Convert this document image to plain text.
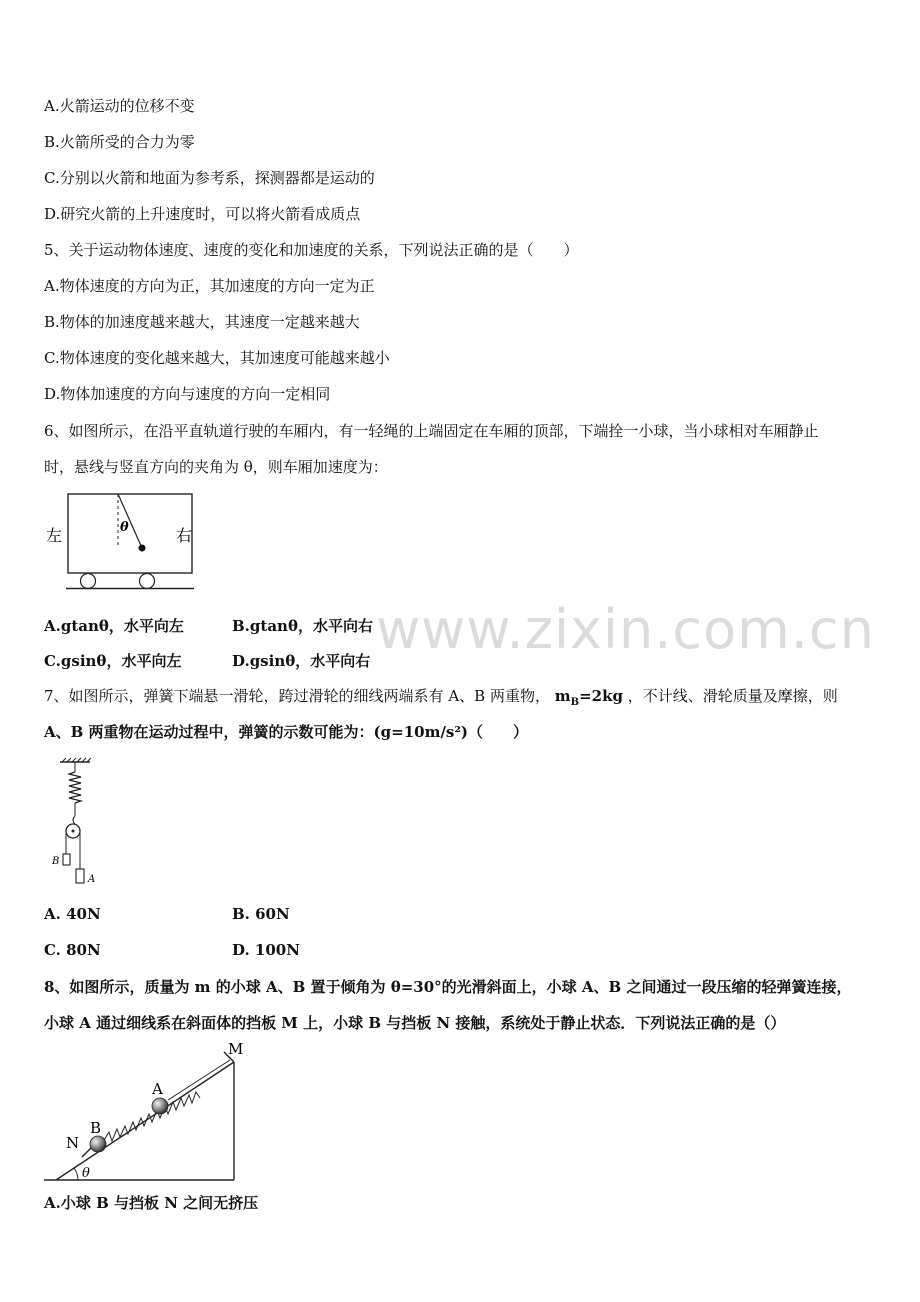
A.火箭运动的位移不变
B.火箭所受的合力为零
C.分别以火箭和地面为参考系，探测器都是运动的
D.研究火箭的上升速度时，可以将火箭看成质点
5、关于运动物体速度、速度的变化和加速度的关系，下列说法正确的是（　　）
A.物体速度的方向为正，其加速度的方向一定为正
B.物体的加速度越来越大，其速度一定越来越大
C.物体速度的变化越来越大，其加速度可能越来越小
D.物体加速度的方向与速度的方向一定相同
6、如图所示，在沿平直轨道行驶的车厢内，有一轻绳的上端固定在车厢的顶部，下端拴一小球，当小球相对车厢静止
时，悬线与竖直方向的夹角为 θ，则车厢加速度为：
θ
左	右
A.gtanθ，水平向左	B.gtanθ，水平向右
C.gsinθ，水平向左	D.gsinθ，水平向右
7、如图所示，弹簧下端悬一滑轮，跨过滑轮的细线两端系有 A、B 两重物， $m_B=2kg$ ，不计线、滑轮质量及摩擦，则
A、B 两重物在运动过程中，弹簧的示数可能为：(g=10m/s²)（　　）
B
A
A. 40N	B. 60N
C. 80N	D. 100N
8、如图所示，质量为 m 的小球 A、B 置于倾角为 θ=30°的光滑斜面上，小球 A、B 之间通过一段压缩的轻弹簧连接，
小球 A 通过细线系在斜面体的挡板 M 上，小球 B 与挡板 N 接触，系统处于静止状态．下列说法正确的是（）
N
B
A
M
θ
A.小球 B 与挡板 N 之间无挤压
www.zixin.com.cn
